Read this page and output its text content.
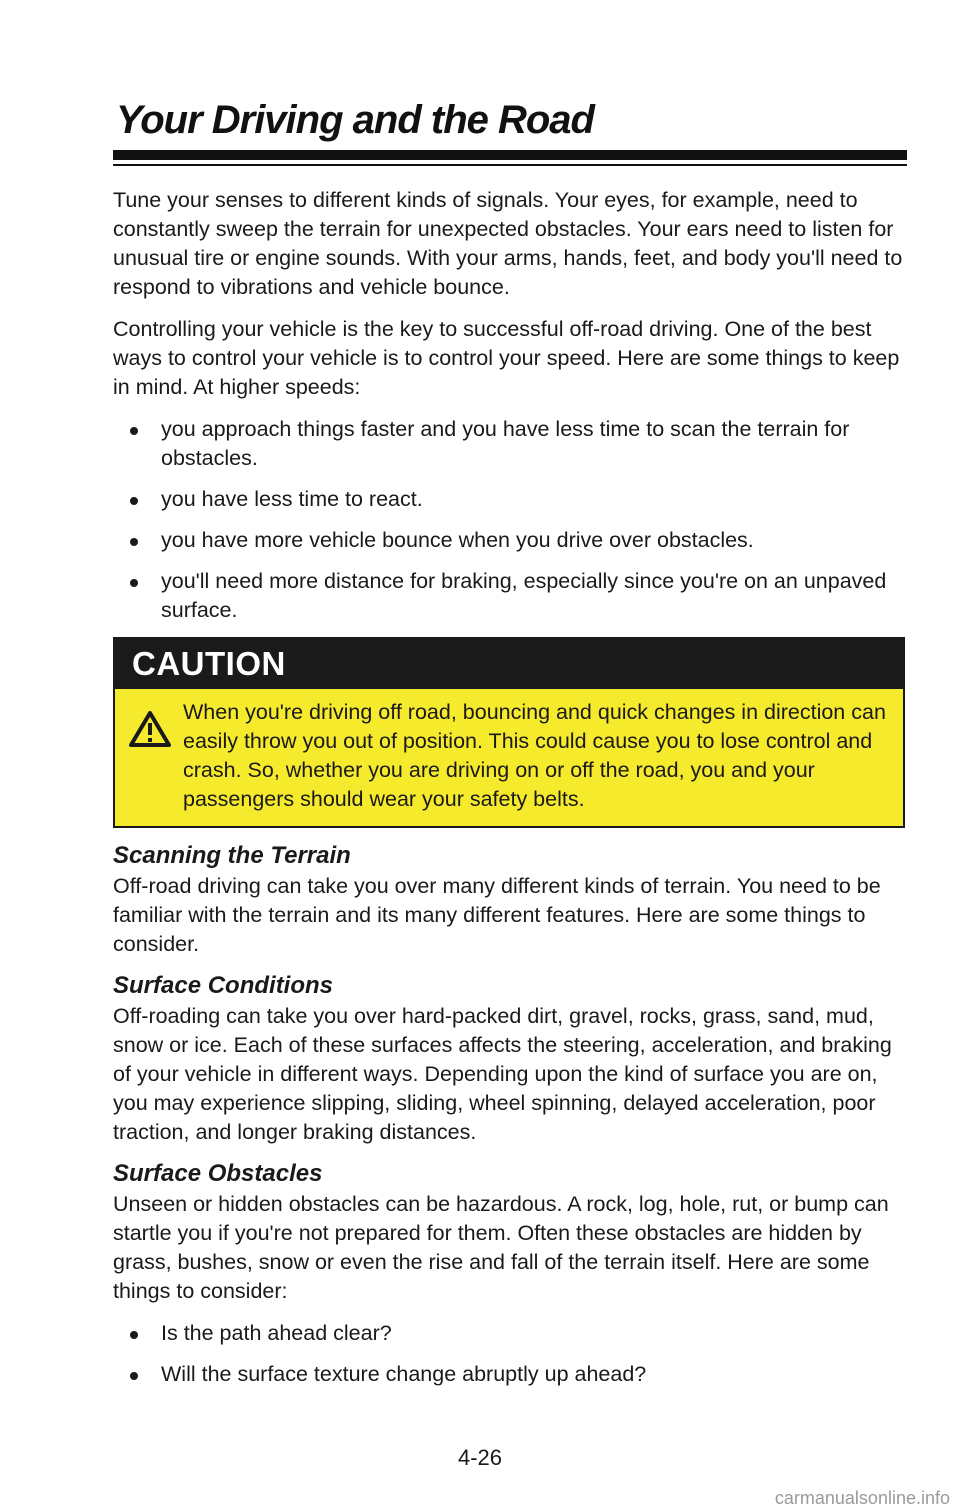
Your Driving and the Road

Tune your senses to different kinds of signals. Your eyes, for example, need to constantly sweep the terrain for unexpected obstacles. Your ears need to listen for unusual tire or engine sounds. With your arms, hands, feet, and body you'll need to respond to vibrations and vehicle bounce.

Controlling your vehicle is the key to successful off-road driving. One of the best ways to control your vehicle is to control your speed. Here are some things to keep in mind. At higher speeds:

you approach things faster and you have less time to scan the terrain for obstacles.
you have less time to react.
you have more vehicle bounce when you drive over obstacles.
you'll need more distance for braking, especially since you're on an unpaved surface.
CAUTION
When you're driving off road, bouncing and quick changes in direction can easily throw you out of position. This could cause you to lose control and crash. So, whether you are driving on or off the road, you and your passengers should wear your safety belts.
Scanning the Terrain

Off-road driving can take you over many different kinds of terrain. You need to be familiar with the terrain and its many different features. Here are some things to consider.

Surface Conditions

Off-roading can take you over hard-packed dirt, gravel, rocks, grass, sand, mud, snow or ice. Each of these surfaces affects the steering, acceleration, and braking of your vehicle in different ways. Depending upon the kind of surface you are on, you may experience slipping, sliding, wheel spinning, delayed acceleration, poor traction, and longer braking distances.

Surface Obstacles

Unseen or hidden obstacles can be hazardous. A rock, log, hole, rut, or bump can startle you if you're not prepared for them. Often these obstacles are hidden by grass, bushes, snow or even the rise and fall of the terrain itself. Here are some things to consider:

Is the path ahead clear?
Will the surface texture change abruptly up ahead?
4-26
carmanualsonline.info
